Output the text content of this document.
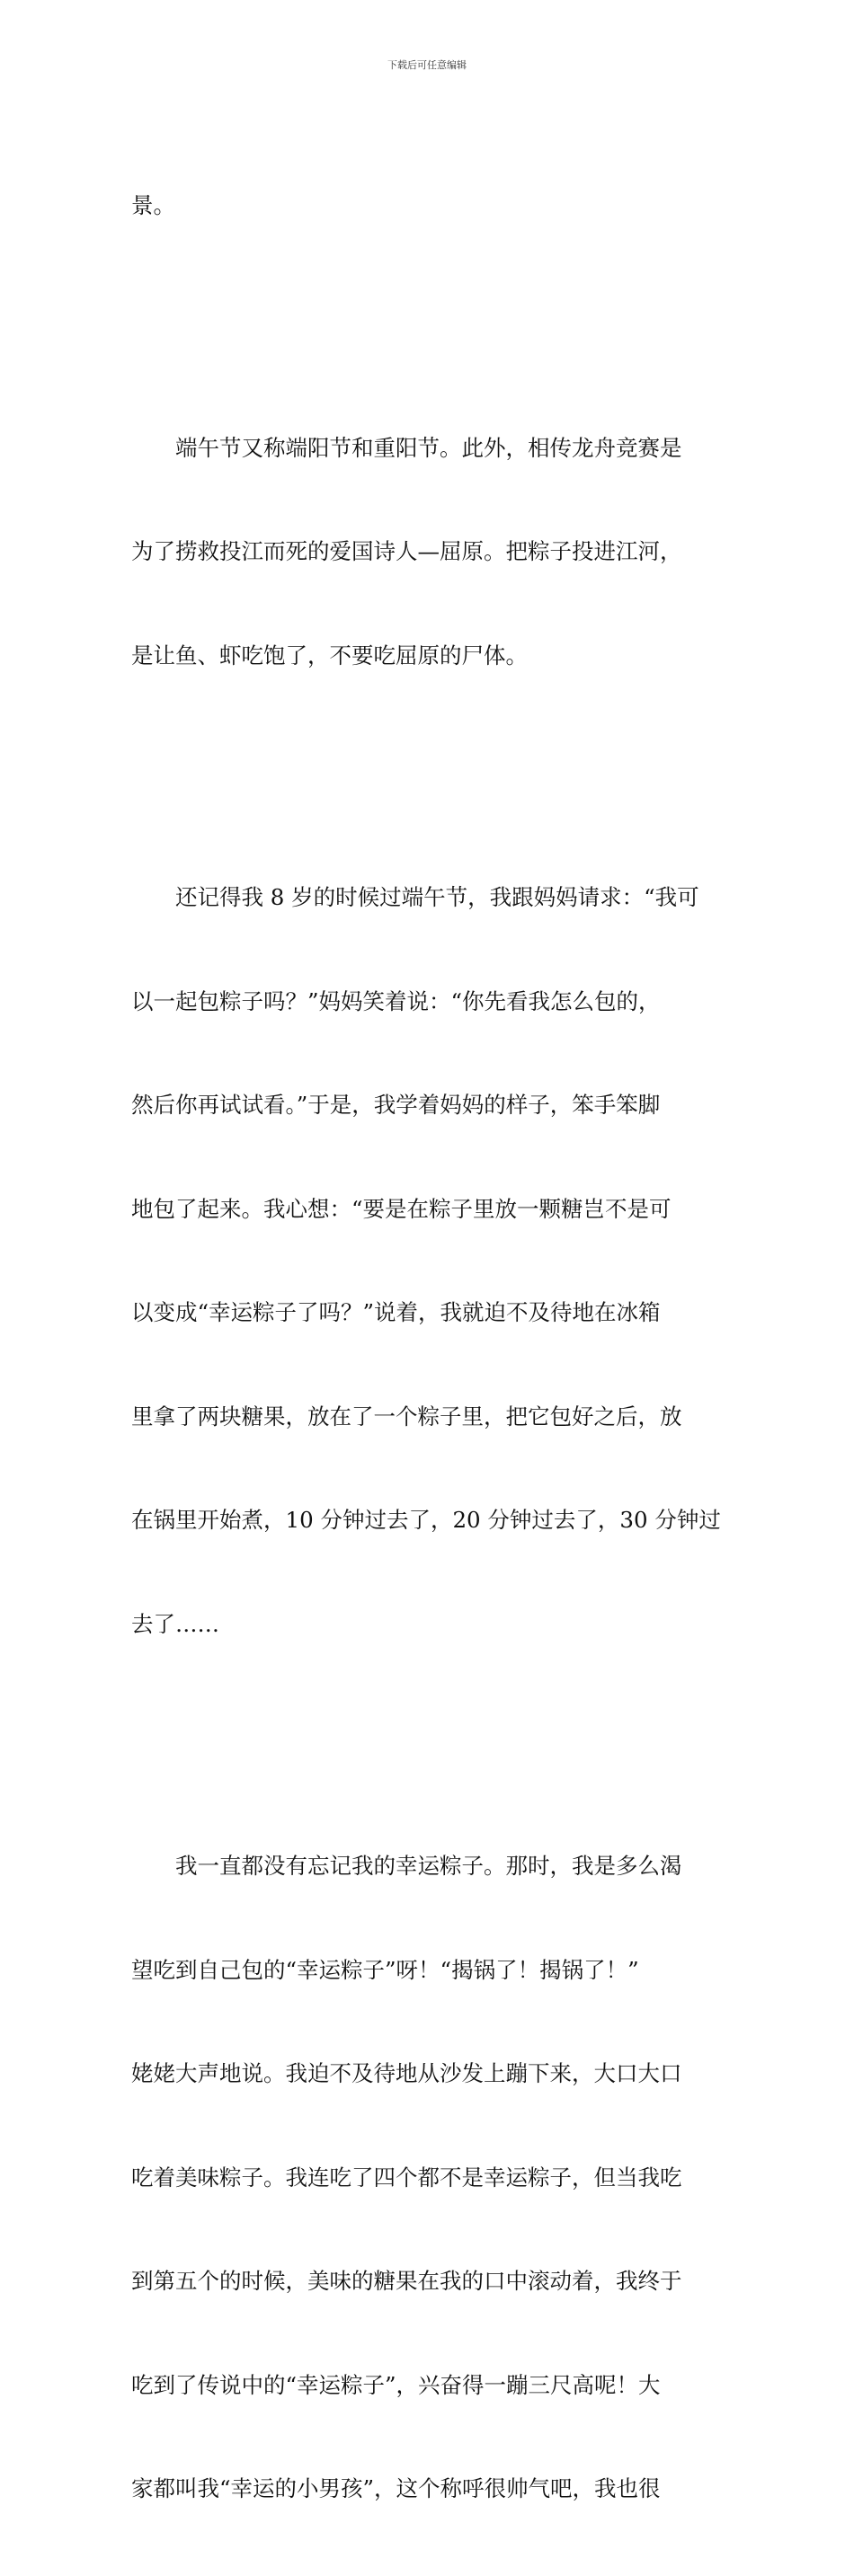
下载后可任意编辑

景。

　　端午节又称端阳节和重阳节。此外，相传龙舟竞赛是

为了捞救投江而死的爱国诗人—屈原。把粽子投进江河，

是让鱼、虾吃饱了，不要吃屈原的尸体。

　　还记得我 8 岁的时候过端午节，我跟妈妈请求：“我可

以一起包粽子吗？”妈妈笑着说：“你先看我怎么包的，

然后你再试试看。”于是，我学着妈妈的样子，笨手笨脚

地包了起来。我心想：“要是在粽子里放一颗糖岂不是可

以变成“幸运粽子了吗？”说着，我就迫不及待地在冰箱

里拿了两块糖果，放在了一个粽子里，把它包好之后，放

在锅里开始煮，10 分钟过去了，20 分钟过去了，30 分钟过

去了……

　　我一直都没有忘记我的幸运粽子。那时，我是多么渴

望吃到自己包的“幸运粽子”呀！“揭锅了！揭锅了！”

姥姥大声地说。我迫不及待地从沙发上蹦下来，大口大口

吃着美味粽子。我连吃了四个都不是幸运粽子，但当我吃

到第五个的时候，美味的糖果在我的口中滚动着，我终于

吃到了传说中的“幸运粽子”，兴奋得一蹦三尺高呢！大

家都叫我“幸运的小男孩”，这个称呼很帅气吧，我也很
